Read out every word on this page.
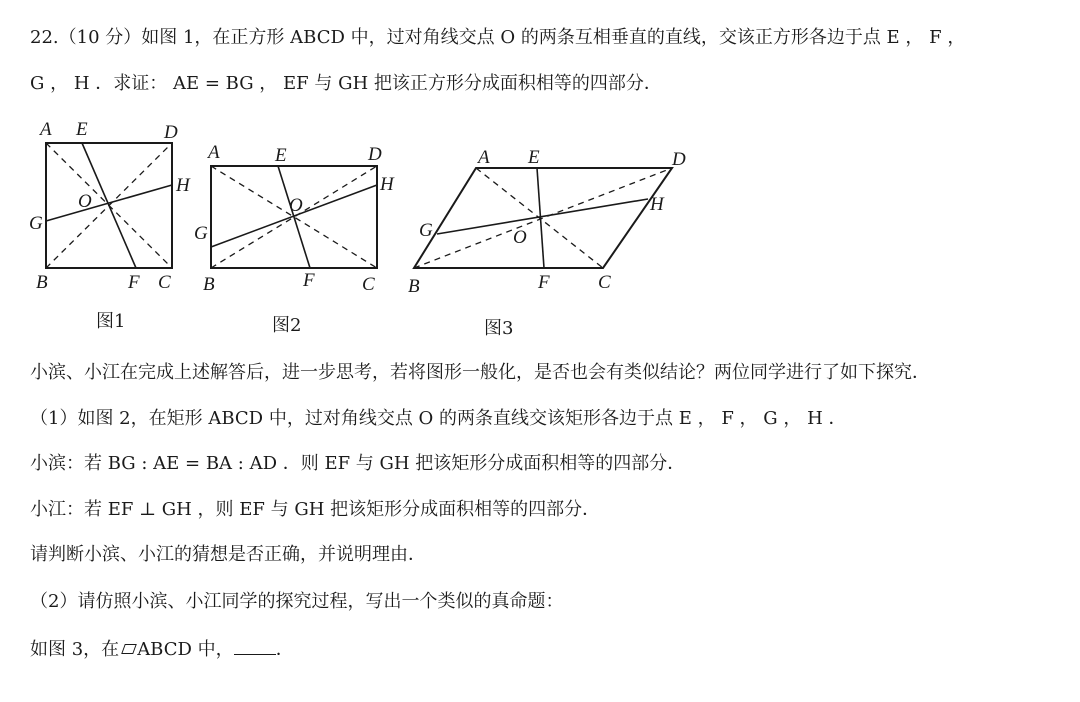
22.（10 分）如图 1，在正方形 ABCD 中，过对角线交点 O 的两条互相垂直的直线，交该正方形各边于点 E ， F ，
G ， H ．求证： AE = BG ， EF 与 GH 把该正方形分成面积相等的四部分．
A E	D
H
O
G
B	F C
图1
A	E	D
H
O
G
B	F C
图2
A E	D
H
G	O
B	F	C
图3
小滨、小江在完成上述解答后，进一步思考，若将图形一般化，是否也会有类似结论？两位同学进行了如下探究．
（1）如图 2，在矩形 ABCD 中，过对角线交点 O 的两条直线交该矩形各边于点 E ， F ， G ， H ．
小滨：若 BG : AE = BA : AD ．则 EF 与 GH 把该矩形分成面积相等的四部分．
小江：若 EF ⊥ GH ，则 EF 与 GH 把该矩形分成面积相等的四部分．
请判断小滨、小江的猜想是否正确，并说明理由．
（2）请仿照小滨、小江同学的探究过程，写出一个类似的真命题：
如图 3，在 ABCD 中， ．
